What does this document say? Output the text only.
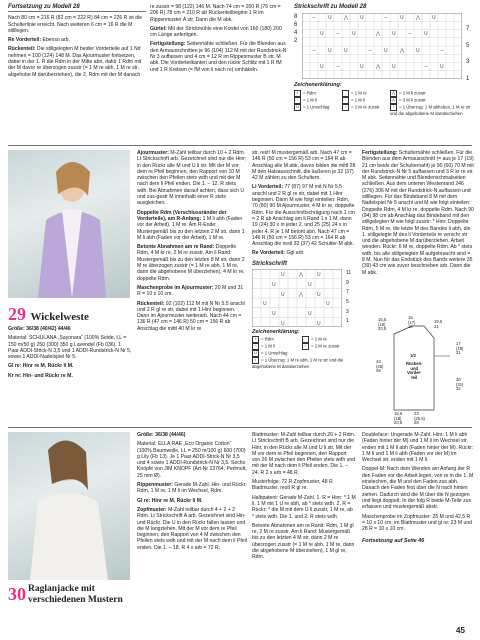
Fortsetzung zu Modell 28

Nach 80 cm = 216 R (82 cm = 222 R) 84 cm = 226 R ist die Schulterlinie erreicht. Nach weiteren 6 cm = 16 R die M stilllegen.

Re Vorderteil: Ebenso arb.

Rückenteil: Die stillgelegten M beider Vorderteile auf 1 Nd nehmen = 100 (124) 148 M. Das Ajourmuster fortsetzen, dabei in der 1. R die Rdm in der Mitte abn, dafür 1 Rdm mit der M davor re überzogen zusstr (= 1 M re abh, 1 M re str, abgehobe M darüberziehen), die 2. Rdm mit der M danach

re zusstr = 98 (122) 146 M. Nach 74 cm = 200 R (76 cm = 206 R) 78 cm = 210 R ab Rückenteilbeginn 1 R im Rippenmuster A str. Dann die M abk.

Gürtel: Mit der Strickmühle eine Kordel von 160 (180) 200 cm Länge anfertigen.

Fertigstellung: Seitennähte schließen. Für die Blenden aus den Armausschnitten je 96 (104) 112 M mit der Rundstrick-N Nr 3 auffassen und 4 cm = 12 R im Rippenmuster B str. M abk. Die Vorderteilkanten und den rücke Schlitz mit 1 R fM und 1 R Krebsm (= fM von li nach re) umhäkeln.

Strickschrift zu Modell 28
8
6
4
2
− U ⋀ U	− U ⋀ U
U − U	⋀ U − U
− U U	− U ⋀ U	−
U −	U ⋀ U	− U
7
5
3
1
Zeichenerklärung:
+ = Rdm
− = 1 M li
U = 1 Umschlag
= 1 M re
− = 1 M li
/ = 2 M re zusstr
⋀ = 2 M li zusstr
⋀ = 3 M li zusstr
\ = 1 Überzug: 1 M abheben, 1 M re str und die abgehobene M darüberziehen
29 Wickelweste

Größe: 36/38 (40/42) 44/46

Material: SCHULANA „Sayonara“ (100% Seide, LL = 150 m/50 g) 250 (300) 350 g Lavendel (Fb 036). 1 Paar ADDI-Strick-N 3,5 und 1 ADDI-Rundstrick-N Nr 5, sowie 1 ADDI-Nadelspiel Nr 5.

Gl re: Hinr re M, Rückr li M.

Kr re: Hin- und Rückr re M.

Ajourmuster: M-Zahl teilbar durch 10 + 2 Rdm. Lt Strickschrift arb. Gezeichnet sind nur die Hinr; in den Rückr alle M und U li str. Mit der M vor dem re Pfeil beginnen, den Rapport von 10 M zwischen den Pfeilen stets wdh und mit der M nach dem li Pfeil enden. Die 1. – 12. R stets wdh. Bei Abnahmen darauf achten, dass sich U und zus-gestr M innerhalb einer R stets ausgleichen.

Doppelte Rdm (Verschlussränder der Vorderteile), am R-Anfang: 1 M li abh (Faden vor der Arbeit), 1 M re. Am R-Ende: Mustergemäß bis zu den letzten 2 M str, dann 1 M li abh (Faden vor der Arbeit), 1 M re.

Betonte Abnahmen am re Rand: Doppelte Rdm, 4 M kr re, 2 M re zusstr. Am li Rand: Mustergemäß bis zu den letzten 8 M str, dann 2 M re überzogen zusstr (= 1 M re abh, 1 M re, dann die abgehobene M überziehen), 4 M kr re, doppelte Rdm.

Maschenprobe im Ajourmuster: 20 M und 31 R = 10 x 10 cm.

Rückenteil: 92 (102) 112 M mit N Nr 5,5 anschl und 2 R gl re str, dabei mit 1 Hinr beginnen. Dann im Ajourmuster weiterarb. Nach 44 cm = 136 R (47 cm = 146 R) 50 cm = 156 R ab Anschlag die mittl 40 M kr re

str, rest! M mustergemäß arb. Nach 47 cm = 146 R (50 cm = 156 R) 53 cm = 164 R ab Anschlag alle M abk, davon bilden die mittl 28 M den Halsausschnitt, die äußeren je 32 (37) 42 M zählen zu den Schultern.

Li Vorderteil: 77 (87) 97 M mit N Nr 5,5 anschl und 2 R gl re str, dabei mit 1 Hinr beginnen. Dann M wie folgt einteilen: Rdm, 70 (80) 90 M Ajourmuster, 4 M kr re, doppelte Rdm. Für die Ausschnittschrägung nach 1 cm = 2 R ab Anschlag am li Rand 1 x 1 M, dann 19 (24) 30 x in jeder 2. und 25 (25) 24 x in jeder 4. R je 1 M betont abn. Nach 47 cm = 146 R (50 cm = 156 R) 53 cm = 164 R ab Anschlag die restl 32 (37) 42 Schulter-M abk.

Re Vorderteil: Ggl arb.

Strickschrift
U	⋀	U
U	U
U	⋀	U
U	U
U	U
U	U
11
9
7
5
3
1
Zeichenerklärung:
+ = Rdm	= 1 M re
− = 1 M li	/ = 2 M re zusstr
U = 1 Umschlag
\ = 1 Überzug: 1 M re abh, 1 M re str und die abgehobene M darüberziehen

Fertigstellung: Schulternähte schließen. Für die Blenden aus dem Armausschnitt (= aus je 17 (19) 21 cm beids der Schulternaht) je 90 (60) 70 M mit der Rundstrick-N Nr 5 auffassen und 3 R kr re str. M abk. Seitennähte und Blendenschmalseiten schließen. Aus dem unteren Westenrand 246 (276) 306 M mit der Rundstrick-N auffassen und stilllegen. Für das Bindeband 8 M mit dem Nadelspiel Nr 5 anschl und M wie folgt einteilen: Doppelte Rdm, 4 M kr re, doppelte Rdm. Nach 90 (94) 98 cm ab Anschlag das Bindeband mit den stillgelegten M wie folgt zusstr: * Hinr: Doppelte Rdm, 5 M re, die letzte M des Bandes li abh, die 1. stillgelegte M des li Vorderteils re verschr str und die abgehobene M darüberziehen. Arbeit wenden. Rückr: 6 M re, doppelte Rdm. Ab * stets wdh, bis alle stillgelegten M aufgebraucht sind = 8 M. Nun für das Endstück des Bands weitere 35 (39) 43 cm wie zuvor beschrieben arb. Dann die M abk.

15,5
(18)
20,5
16
(17)
18
19,5
21
43
(46)
49
17
(19)
21
30
(31)
32
1/2
Rücken-
und
Vorder-
teil
15,5
(18)
20,5
23
(25,5)
28
30 Raglanjacke mit
verschiedenen Mustern

Größe: 36/38 (44/46)

Material: ELLA RAE „Eco Organic Cotton“ (100% Baumwolle, LL = 250 m/100 g) 600 (700) g Lily (Fb 13). Je 1 Paar ADDI-Strick-N Nr 3,5 und 4 sowie 1 ADDI-Rundstrick-N Nr 3,5. Sechs Knöpfe von JIM KNOPF (Art-Nr 13764, Perlmutt, 25 mm Ø).

Rippenmuster: Gerade M-Zahl. Hin- und Rückr: Rdm, 1 M re, 1 M li im Wechsel, Rdm.

Gl re: Hinr re M, Rückr li M.

Zopfmuster: M-Zahl teilbar durch 4 + 2 + 2 Rdm. Lt Strickschrift A arb. Gezeichnet sind Hin- und Rückr. Die U in den Rückr fallen lassen und die M langziehen. Mit der M vor dem re Pfeil beginnen, den Rapport von 4 M zwischen den Pfeilen stets wdh und mit der M nach dem li Pfeil enden. Die 1. – 18. R 4 x arb = 72 R.

Blattmuster: M-Zahl teilbar durch 26 + 2 Rdm. Lt Strickschrift B arb. Gezeichnet sind nur die Hinr, in den Rückr alle M und U li str. Mit der M vor dem re Pfeil beginnen, den Rapport von 26 M zwischen den Pfeilen stets wdh und mit der M nach dem li Pfeil enden. Die 1. – 24. R 2 x arb = 48 R.

Musterfolge: 72 R Zopfmuster, 48 R Blattmuster, restl R gl re.

Halbpatent: Gerade M-Zahl. 1. R = Hinr: * 1 M li, 1 M mit 1 U re abh, ab * stets wdh. 2. R = Rückr: * die M mit dem U li zusstr, 1 M re, ab * stets wdh. Die 1. und 2. R stets wdh.

Betonte Abnahmen am re Rand: Rdm, 1 M gl re, 2 M re zusstr. Am li Rand: Mustergemäß bis zu den letzten 4 M str, dann 2 M re überzogen zusstr (= 1 M re abh, 1 M re, dann die abgehobene M überziehen), 1 M gl re, Rdm.

Doubleface: Ungerade M-Zahl. Hinr: 1 M li abh (Faden hinter der M) und 1 M li im Wechsel str, enden mit 1 M li abh (Faden hinter der M). Rückr: 1 M li und 1 M li abh (Faden vor der M) im Wechsel str, enden mit 1 M li.

Doppel-M: Nach dem Wenden am Anfang der R den Faden vor die Arbeit legen, von re in die 1. M einstechen, die M und den Faden zus abh. Danach den Faden fest über die N nach hinten ziehen. Dadurch wird die M über die N gezogen und liegt doppelt. In der folg R beide M-Teile zus erfassen und mustergemäß abstr.

Maschenprobe im Zopfmuster: 25 M und 42,5 R = 10 x 10 cm; im Blattmuster und gl re: 23 M und 28 R = 10 x 10 cm.

Fortsetzung auf Seite 46

45
